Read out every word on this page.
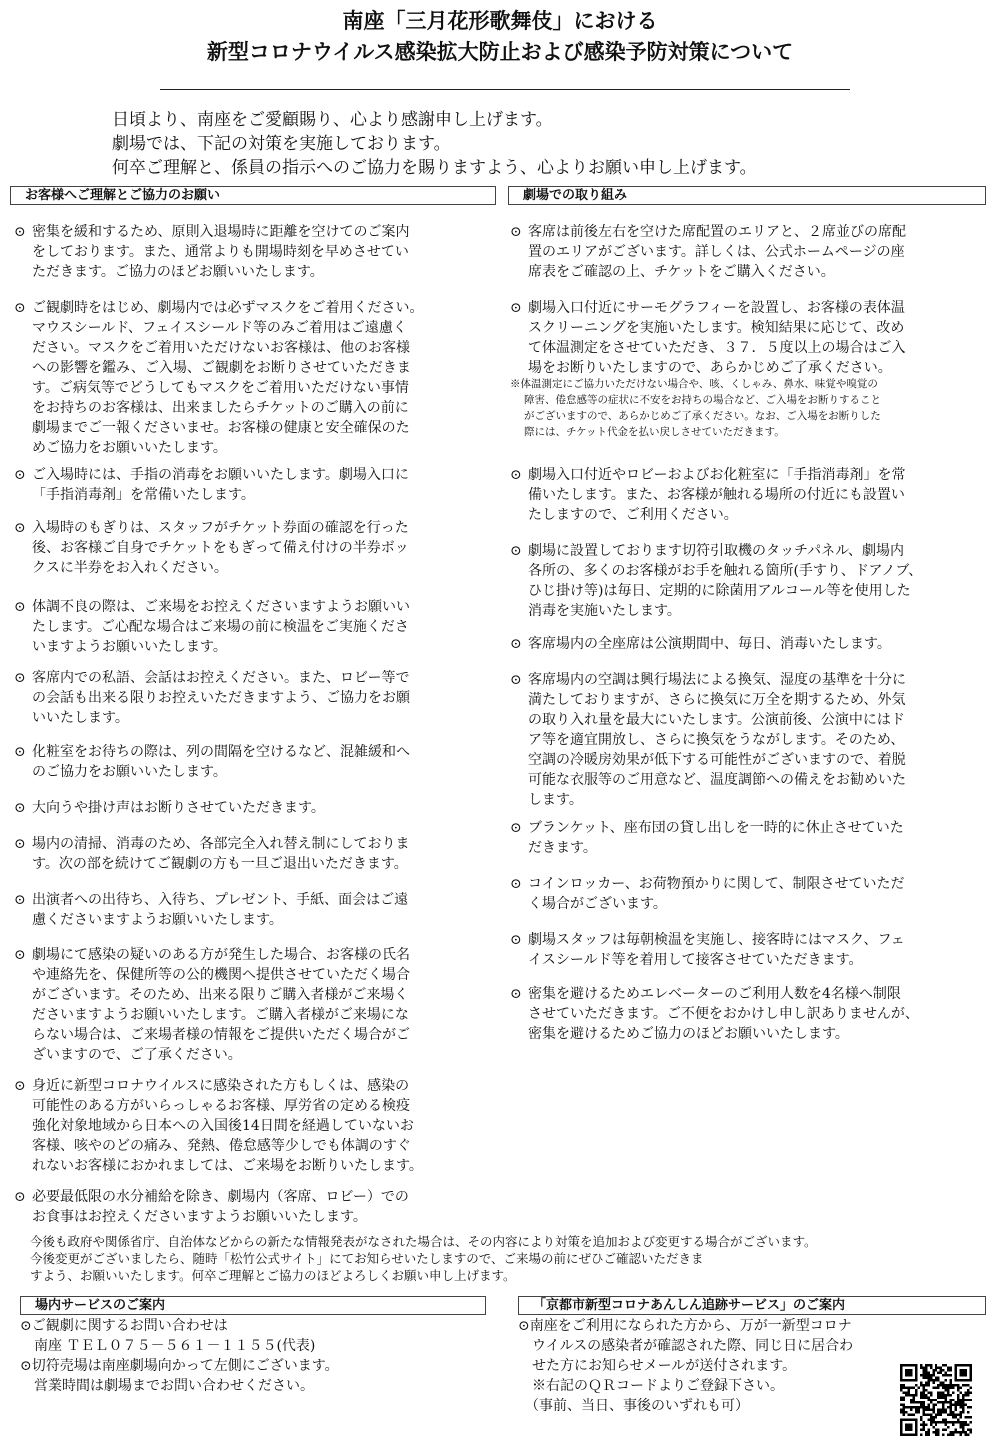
南座「三月花形歌舞伎」における
新型コロナウイルス感染拡大防止および感染予防対策について
日頃より、南座をご愛顧賜り、心より感謝申し上げます。
劇場では、下記の対策を実施しております。
何卒ご理解と、係員の指示へのご協力を賜りますよう、心よりお願い申し上げます。
お客様へご理解とご協力のお願い	劇場での取り組み
⊙ 密集を緩和するため、原則入退場時に距離を空けてのご案内
をしております。また、通常よりも開場時刻を早めさせてい
ただきます。ご協力のほどお願いいたします。
⊙ ご観劇時をはじめ、劇場内では必ずマスクをご着用ください。
マウスシールド、フェイスシールド等のみご着用はご遠慮く
ださい。マスクをご着用いただけないお客様は、他のお客様
への影響を鑑み、ご入場、ご観劇をお断りさせていただきま
す。ご病気等でどうしてもマスクをご着用いただけない事情
をお持ちのお客様は、出来ましたらチケットのご購入の前に
劇場までご一報くださいませ。お客様の健康と安全確保のた
めご協力をお願いいたします。
⊙ ご入場時には、手指の消毒をお願いいたします。劇場入口に
「手指消毒剤」を常備いたします。
⊙ 入場時のもぎりは、スタッフがチケット券面の確認を行った
後、お客様ご自身でチケットをもぎって備え付けの半券ボッ
クスに半券をお入れください。
⊙ 体調不良の際は、ご来場をお控えくださいますようお願いい
たします。ご心配な場合はご来場の前に検温をご実施くださ
いますようお願いいたします。
⊙ 客席内での私語、会話はお控えください。また、ロビー等で
の会話も出来る限りお控えいただきますよう、ご協力をお願
いいたします。
⊙ 化粧室をお待ちの際は、列の間隔を空けるなど、混雑緩和へ
のご協力をお願いいたします。
⊙ 大向うや掛け声はお断りさせていただきます。
⊙ 場内の清掃、消毒のため、各部完全入れ替え制にしておりま
す。次の部を続けてご観劇の方も一旦ご退出いただきます。
⊙ 出演者への出待ち、入待ち、プレゼント、手紙、面会はご遠
慮くださいますようお願いいたします。
⊙ 劇場にて感染の疑いのある方が発生した場合、お客様の氏名
や連絡先を、保健所等の公的機関へ提供させていただく場合
がございます。そのため、出来る限りご購入者様がご来場く
ださいますようお願いいたします。ご購入者様がご来場にな
らない場合は、ご来場者様の情報をご提供いただく場合がご
ざいますので、ご了承ください。
⊙ 身近に新型コロナウイルスに感染された方もしくは、感染の
可能性のある方がいらっしゃるお客様、厚労省の定める検疫
強化対象地域から日本への入国後14日間を経過していないお
客様、咳やのどの痛み、発熱、倦怠感等少しでも体調のすぐ
れないお客様におかれましては、ご来場をお断りいたします。
⊙ 必要最低限の水分補給を除き、劇場内（客席、ロビー）での
お食事はお控えくださいますようお願いいたします。
⊙ 客席は前後左右を空けた席配置のエリアと、２席並びの席配
置のエリアがございます。詳しくは、公式ホームページの座
席表をご確認の上、チケットをご購入ください。
⊙ 劇場入口付近にサーモグラフィーを設置し、お客様の表体温
スクリーニングを実施いたします。検知結果に応じて、改め
て体温測定をさせていただき、３７．５度以上の場合はご入
場をお断りいたしますので、あらかじめご了承ください。
⊙ 劇場入口付近やロビーおよびお化粧室に「手指消毒剤」を常
備いたします。また、お客様が触れる場所の付近にも設置い
たしますので、ご利用ください。
⊙ 劇場に設置しております切符引取機のタッチパネル、劇場内
各所の、多くのお客様がお手を触れる箇所(手すり、ドアノブ、
ひじ掛け等)は毎日、定期的に除菌用アルコール等を使用した
消毒を実施いたします。
⊙ 客席場内の全座席は公演期間中、毎日、消毒いたします。
⊙ 客席場内の空調は興行場法による換気、湿度の基準を十分に
満たしておりますが、さらに換気に万全を期するため、外気
の取り入れ量を最大にいたします。公演前後、公演中にはド
ア等を適宜開放し、さらに換気をうながします。そのため、
空調の冷暖房効果が低下する可能性がございますので、着脱
可能な衣服等のご用意など、温度調節への備えをお勧めいた
します。
⊙ ブランケット、座布団の貸し出しを一時的に休止させていた
だきます。
⊙ コインロッカー、お荷物預かりに関して、制限させていただ
く場合がございます。
⊙ 劇場スタッフは毎朝検温を実施し、接客時にはマスク、フェ
イスシールド等を着用して接客させていただきます。
⊙ 密集を避けるためエレベーターのご利用人数を4名様へ制限
させていただきます。ご不便をおかけし申し訳ありませんが、
密集を避けるためご協力のほどお願いいたします。
※体温測定にご協力いただけない場合や、咳、くしゃみ、鼻水、味覚や嗅覚の
障害、倦怠感等の症状に不安をお持ちの場合など、ご入場をお断りすること
がございますので、あらかじめご了承ください。なお、ご入場をお断りした
際には、チケット代金を払い戻しさせていただきます。
今後も政府や関係省庁、自治体などからの新たな情報発表がなされた場合は、その内容により対策を追加および変更する場合がございます。
今後変更がございましたら、随時「松竹公式サイト」にてお知らせいたしますので、ご来場の前にぜひご確認いただきま
すよう、お願いいたします。何卒ご理解とご協力のほどよろしくお願い申し上げます。
場内サービスのご案内	「京都市新型コロナあんしん追跡サービス」のご案内
⊙ご観劇に関するお問い合わせは
　南座 ＴＥＬ０７５－５６１－１１５５(代表)
⊙切符売場は南座劇場向かって左側にございます。
　営業時間は劇場までお問い合わせください。
⊙南座をご利用になられた方から、万が一新型コロナ
　ウイルスの感染者が確認された際、同じ日に居合わ
　せた方にお知らせメールが送付されます。
　※右記のＱＲコードよりご登録下さい。
　（事前、当日、事後のいずれも可）
